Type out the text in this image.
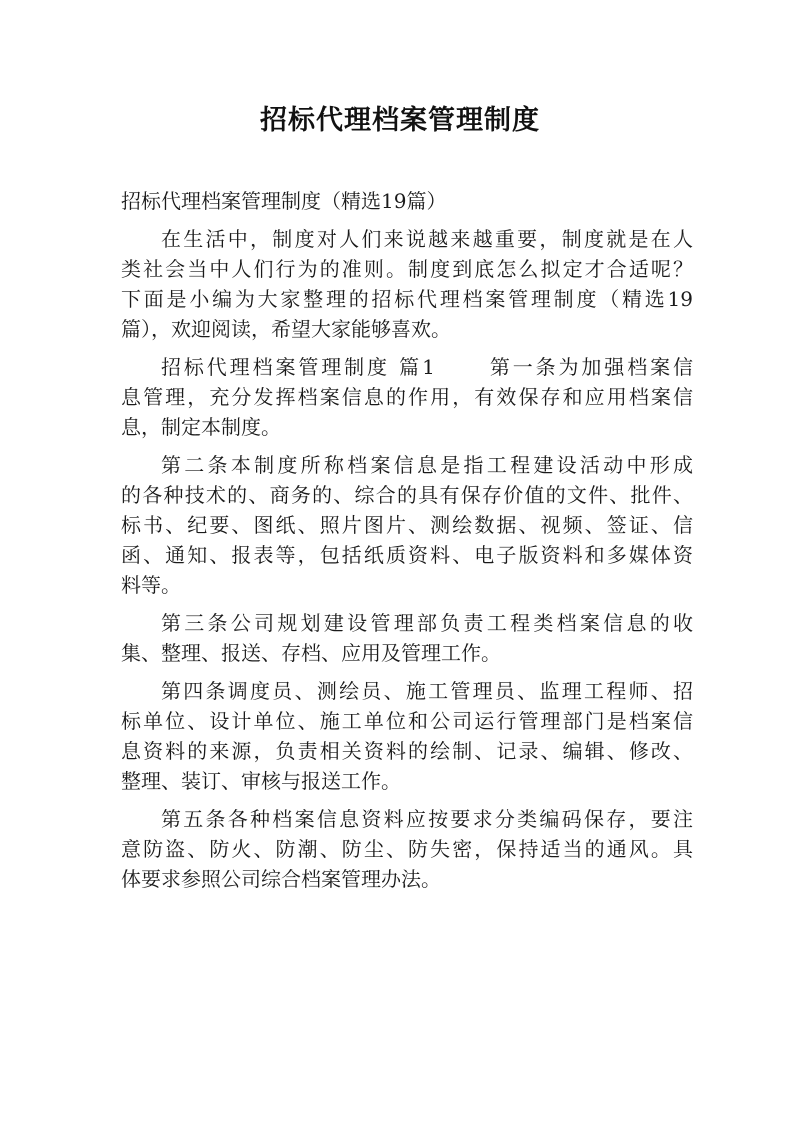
招标代理档案管理制度
招标代理档案管理制度（精选19篇）
在生活中，制度对人们来说越来越重要，制度就是在人
类社会当中人们行为的准则。制度到底怎么拟定才合适呢？
下面是小编为大家整理的招标代理档案管理制度（精选19
篇），欢迎阅读，希望大家能够喜欢。
招标代理档案管理制度 篇1 　　第一条为加强档案信
息管理，充分发挥档案信息的作用，有效保存和应用档案信
息，制定本制度。
第二条本制度所称档案信息是指工程建设活动中形成
的各种技术的、商务的、综合的具有保存价值的文件、批件、
标书、纪要、图纸、照片图片、测绘数据、视频、签证、信
函、通知、报表等，包括纸质资料、电子版资料和多媒体资
料等。
第三条公司规划建设管理部负责工程类档案信息的收
集、整理、报送、存档、应用及管理工作。
第四条调度员、测绘员、施工管理员、监理工程师、招
标单位、设计单位、施工单位和公司运行管理部门是档案信
息资料的来源，负责相关资料的绘制、记录、编辑、修改、
整理、装订、审核与报送工作。
第五条各种档案信息资料应按要求分类编码保存，要注
意防盗、防火、防潮、防尘、防失密，保持适当的通风。具
体要求参照公司综合档案管理办法。
